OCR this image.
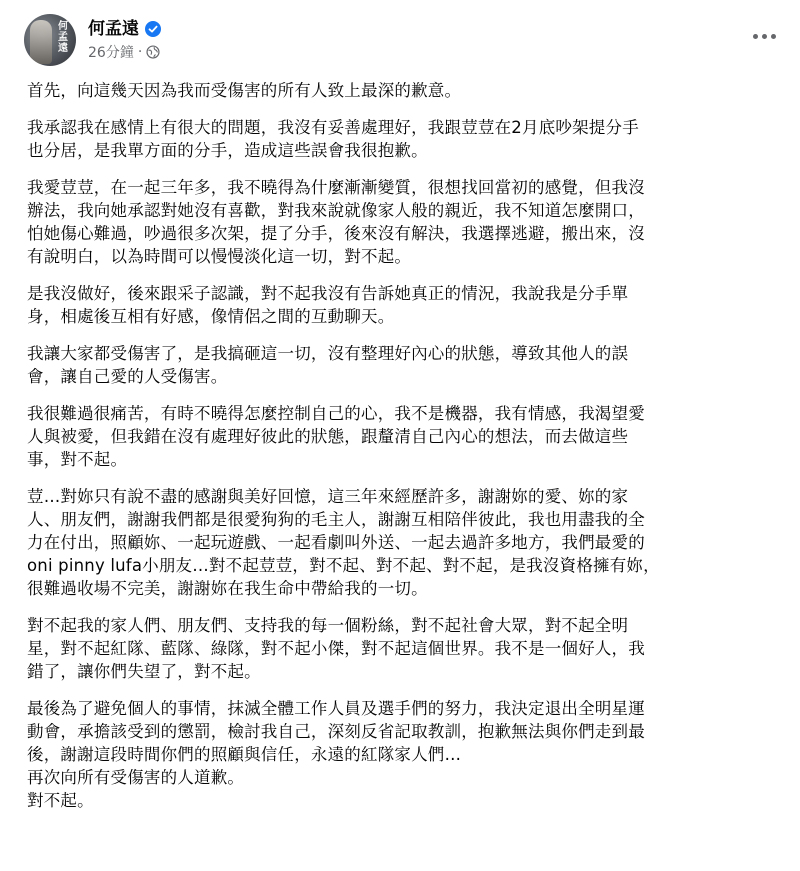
何孟遠
何孟遠
26分鐘 ·
首先，向這幾天因為我而受傷害的所有人致上最深的歉意。
我承認我在感情上有很大的問題，我沒有妥善處理好，我跟荳荳在2月底吵架提分手
也分居，是我單方面的分手，造成這些誤會我很抱歉。
我愛荳荳，在一起三年多，我不曉得為什麼漸漸變質，很想找回當初的感覺，但我沒
辦法，我向她承認對她沒有喜歡，對我來說就像家人般的親近，我不知道怎麼開口，
怕她傷心難過，吵過很多次架，提了分手，後來沒有解決，我選擇逃避，搬出來，沒
有說明白，以為時間可以慢慢淡化這一切，對不起。
是我沒做好，後來跟采子認識，對不起我沒有告訴她真正的情況，我說我是分手單
身，相處後互相有好感，像情侶之間的互動聊天。
我讓大家都受傷害了，是我搞砸這一切，沒有整理好內心的狀態，導致其他人的誤
會，讓自己愛的人受傷害。
我很難過很痛苦，有時不曉得怎麼控制自己的心，我不是機器，我有情感，我渴望愛
人與被愛，但我錯在沒有處理好彼此的狀態，跟釐清自己內心的想法，而去做這些
事，對不起。
荳…對妳只有說不盡的感謝與美好回憶，這三年來經歷許多，謝謝妳的愛、妳的家
人、朋友們，謝謝我們都是很愛狗狗的毛主人，謝謝互相陪伴彼此，我也用盡我的全
力在付出，照顧妳、一起玩遊戲、一起看劇叫外送、一起去過許多地方，我們最愛的
oni pinny lufa小朋友…對不起荳荳，對不起、對不起、對不起，是我沒資格擁有妳，
很難過收場不完美，謝謝妳在我生命中帶給我的一切。
對不起我的家人們、朋友們、支持我的每一個粉絲，對不起社會大眾，對不起全明
星，對不起紅隊、藍隊、綠隊，對不起小傑，對不起這個世界。我不是一個好人，我
錯了，讓你們失望了，對不起。
最後為了避免個人的事情，抹滅全體工作人員及選手們的努力，我決定退出全明星運
動會，承擔該受到的懲罰，檢討我自己，深刻反省記取教訓，抱歉無法與你們走到最
後，謝謝這段時間你們的照顧與信任，永遠的紅隊家人們…
再次向所有受傷害的人道歉。
對不起。
